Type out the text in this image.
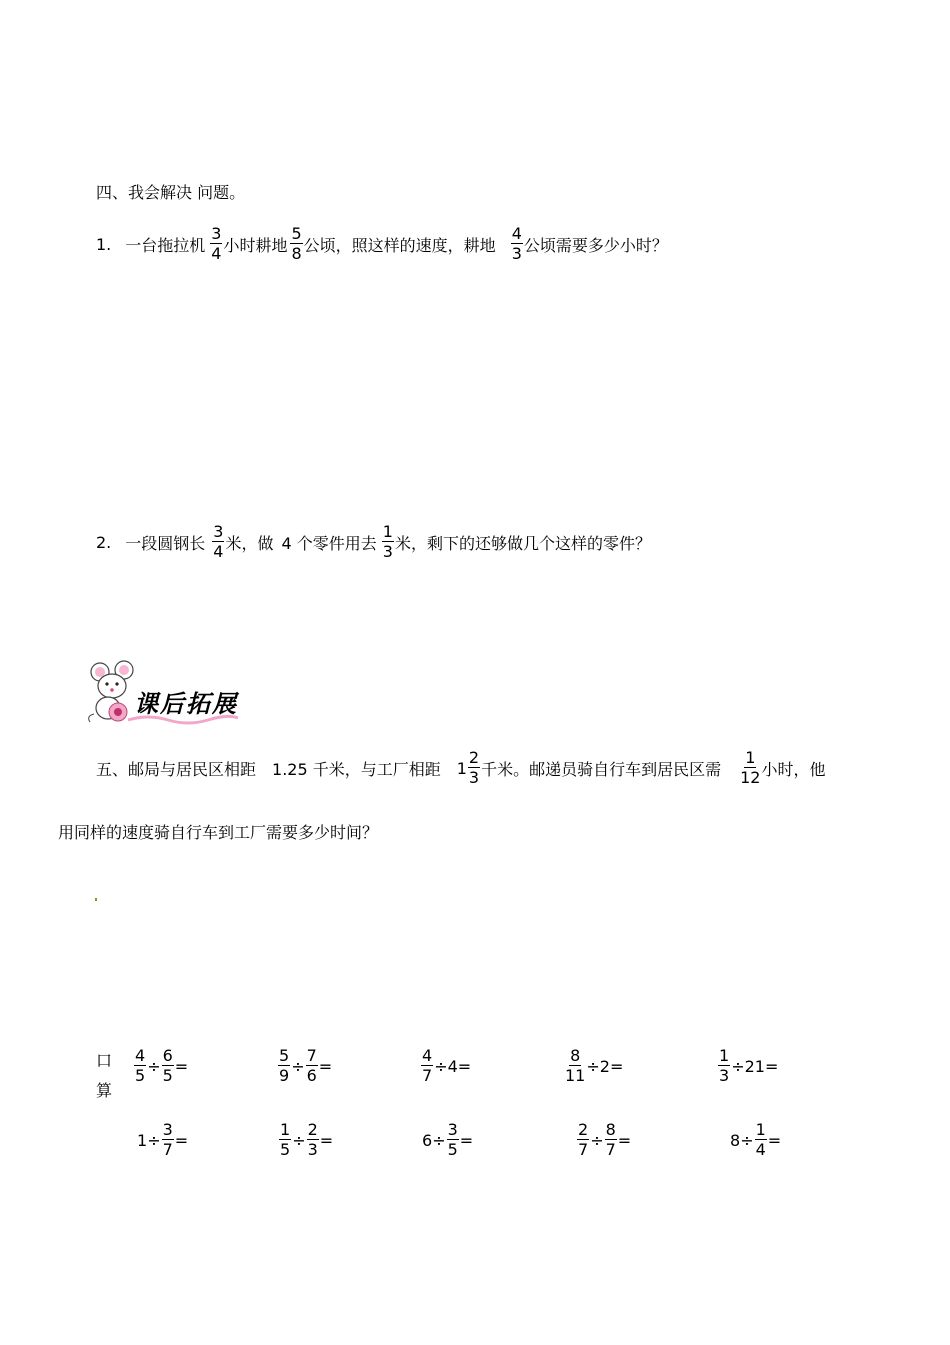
四、我会解决 问题。
1. 一台拖拉机 $\frac{3}{4}$ 小时耕地 $\frac{5}{8}$ 公顷，照这样的速度，耕地 $\frac{4}{3}$ 公顷需要多少小时？
2. 一段圆钢长 $\frac{3}{4}$ 米，做 4 个零件用去 $\frac{1}{3}$ 米，剩下的还够做几个这样的零件？
课后拓展
五、邮局与居民区相距 1.25 千米，与工厂相距 $1 \frac{2}{3}$ 千米。邮递员骑自行车到居民区需 $\frac{1}{12}$ 小时，他
用同样的速度骑自行车到工厂需要多少时间？
口
算
$\frac{4}{5} \div \frac{6}{5}$ =	$\frac{5}{9} \div \frac{7}{6}$ =	$\frac{4}{7} \div 4$ =	$\frac{8}{11} \div 2$ =	$\frac{1}{3} \div 21$ =
$1 \div \frac{3}{7}$ =	$\frac{1}{5} \div \frac{2}{3}$ =	$6 \div \frac{3}{5}$ =	$\frac{2}{7} \div \frac{8}{7}$ =	$8 \div \frac{1}{4}$ =
